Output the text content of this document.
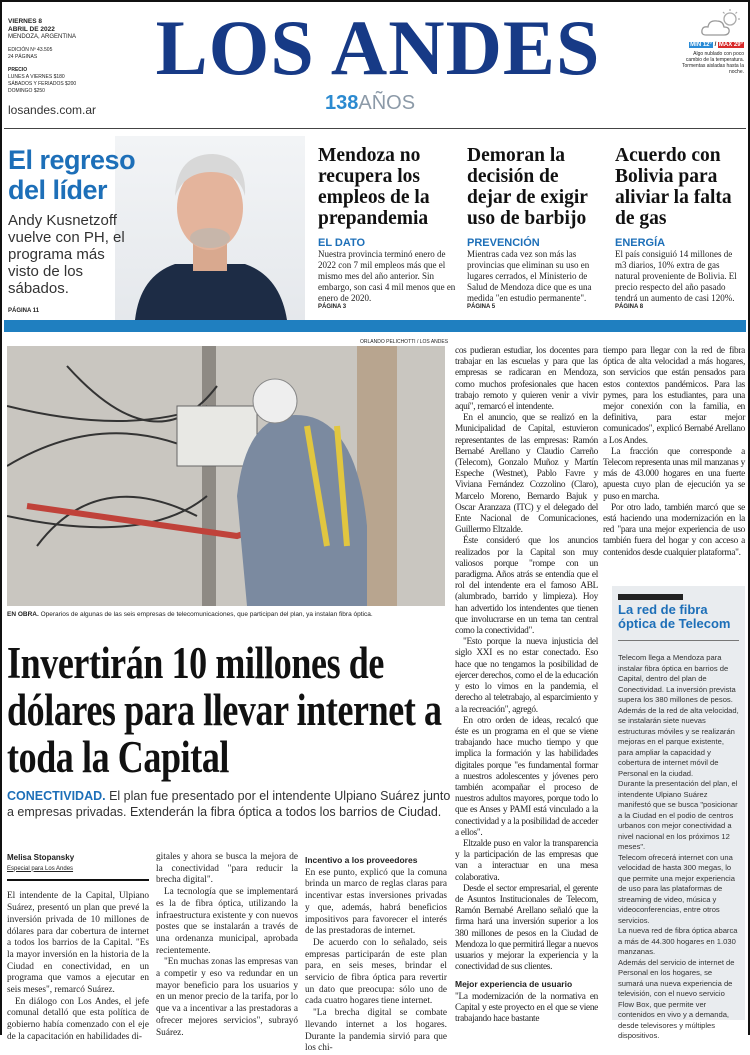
VIERNES 8
ABRIL DE 2022
MENDOZA, ARGENTINA
EDICIÓN Nº 43.505
24 PÁGINAS
PRECIO
LUNES A VIERNES $180
SÁBADOS Y FERIADOS $200
DOMINGO $250
losandes.com.ar
LOS ANDES
138AÑOS
MIN 12° / MAX 29°
Algo nublado con poco cambio de la temperatura. Tormentas aisladas hasta la noche.
El regreso
del líder
Andy Kusnetzoff vuelve con PH, el programa más visto de los sábados.
PÁGINA 11
Mendoza no recupera los empleos de la prepandemia
EL DATO

Nuestra provincia terminó enero de 2022 con 7 mil empleos más que el mismo mes del año anterior. Sin embargo, son casi 4 mil menos que en enero de 2020.

PÁGINA 3
Demoran la decisión de dejar de exigir uso de barbijo
PREVENCIÓN

Mientras cada vez son más las provincias que eliminan su uso en lugares cerrados, el Ministerio de Salud de Mendoza dice que es una medida "en estudio permanente".

PÁGINA 5
Acuerdo con Bolivia para aliviar la falta de gas
ENERGÍA

El país consiguió 14 millones de m3 diarios, 10% extra de gas natural proveniente de Bolivia. El precio respecto del año pasado tendrá un aumento de casi 120%.

PÁGINA 8
ORLANDO PELICHOTTI / LOS ANDES
EN OBRA. Operarios de algunas de las seis empresas de telecomunicaciones, que participan del plan, ya instalan fibra óptica.
Invertirán 10 millones de dólares para llevar internet a toda la Capital
CONECTIVIDAD. El plan fue presentado por el intendente Ulpiano Suárez junto a empresas privadas. Extenderán la fibra óptica a todos los barrios de Ciudad.
Melisa Stopansky
Especial para Los Andes

El intendente de la Capital, Ulpiano Suárez, presentó un plan que prevé la inversión privada de 10 millones de dólares para dar cobertura de internet a todos los barrios de la Capital. "Es la mayor inversión en la historia de la Ciudad en conectividad, en un programa que vamos a ejecutar en seis meses", remarcó Suárez.

En diálogo con Los Andes, el jefe comunal detalló que esta política de gobierno había comenzado con el eje de la capacitación en habilidades di-

gitales y ahora se busca la mejora de la conectividad "para reducir la brecha digital".

La tecnología que se implementará es la de fibra óptica, utilizando la infraestructura existente y con nuevos postes que se instalarán a través de una ordenanza municipal, aprobada recientemente.

"En muchas zonas las empresas van a competir y eso va redundar en un mayor beneficio para los usuarios y en un menor precio de la tarifa, por lo que va a incentivar a las prestadoras a ofrecer mejores servicios", subrayó Suárez.

Incentivo a los proveedores

En ese punto, explicó que la comuna brinda un marco de reglas claras para incentivar estas inversiones privadas y que, además, habrá beneficios impositivos para favorecer el interés de las prestadoras de internet.

De acuerdo con lo señalado, seis empresas participarán de este plan para, en seis meses, brindar el servicio de fibra óptica para revertir un dato que preocupa: sólo uno de cada cuatro hogares tiene internet.

"La brecha digital se combate llevando internet a los hogares. Durante la pandemia sirvió para que los chi-

cos pudieran estudiar, los docentes para trabajar en las escuelas y para que las empresas se radicaran en Mendoza, como muchos profesionales que hacen trabajo remoto y quieren venir a vivir aquí", remarcó el intendente.

En el anuncio, que se realizó en la Municipalidad de Capital, estuvieron representantes de las empresas: Ramón Bernabé Arellano y Claudio Carreño (Telecom), Gonzalo Muñoz y Martín Espeche (Westnet), Pablo Favre y Viviana Fernández Cozzolino (Claro), Marcelo Moreno, Bernardo Bajuk y Oscar Aranzaza (ITC) y el delegado del Ente Nacional de Comunicaciones, Guillermo Eltzalde.

Éste consideró que los anuncios realizados por la Capital son muy valiosos porque "rompe con un paradigma. Años atrás se entendía que el rol del intendente era el famoso ABL (alumbrado, barrido y limpieza). Hoy han advertido los intendentes que tienen que involucrarse en un tema tan central como la conectividad".

"Esto porque la nueva injusticia del siglo XXI es no estar conectado. Eso hace que no tengamos la posibilidad de ejercer derechos, como el de la educación y esto lo vimos en la pandemia, el derecho al teletrabajo, al esparcimiento y a la recreación", agregó.

En otro orden de ideas, recalcó que éste es un programa en el que se viene trabajando hace mucho tiempo y que implica la formación y las habilidades digitales porque "es fundamental formar a nuestros adolescentes y jóvenes pero también acompañar el proceso de nuestros adultos mayores, porque todo lo que es Anses y PAMI está vinculado a la conectividad y a la posibilidad de acceder a ellos".

Eltzalde puso en valor la transparencia y la participación de las empresas que van a interactuar en una mesa colaborativa.

Desde el sector empresarial, el gerente de Asuntos Institucionales de Telecom, Ramón Bernabé Arellano señaló que la firma hará una inversión superior a los 380 millones de pesos en la Ciudad de Mendoza lo que permitirá llegar a nuevos usuarios y mejorar la experiencia y la conectividad de sus clientes.

Mejor experiencia de usuario

"La modernización de la normativa en Capital y este proyecto en el que se viene trabajando hace bastante

tiempo para llegar con la red de fibra óptica de alta velocidad a más hogares, son servicios que están pensados para estos contextos pandémicos. Para las pymes, para los estudiantes, para una mejor conexión con la familia, en definitiva, para estar mejor comunicados", explicó Bernabé Arellano a Los Andes.

La fracción que corresponde a Telecom representa unas mil manzanas y más de 43.000 hogares en una fuerte apuesta cuyo plan de ejecución ya se puso en marcha.

Por otro lado, también marcó que se está haciendo una modernización en la red "para una mejor experiencia de uso también fuera del hogar y con acceso a contenidos desde cualquier plataforma".

La red de fibra óptica de Telecom

Telecom llega a Mendoza para instalar fibra óptica en barrios de Capital, dentro del plan de Conectividad. La inversión prevista supera los 380 millones de pesos.

Además de la red de alta velocidad, se instalarán siete nuevas estructuras móviles y se realizarán mejoras en el parque existente, para ampliar la capacidad y cobertura de internet móvil de Personal en la ciudad.

Durante la presentación del plan, el intendente Ulpiano Suárez manifestó que se busca "posicionar a la Ciudad en el podio de centros urbanos con mejor conectividad a nivel nacional en los próximos 12 meses".

Telecom ofrecerá internet con una velocidad de hasta 300 megas, lo que permite una mejor experiencia de uso para las plataformas de streaming de video, música y videoconferencias, entre otros servicios.

La nueva red de fibra óptica abarca a más de 44.300 hogares en 1.030 manzanas.

Además del servicio de internet de Personal en los hogares, se sumará una nueva experiencia de televisión, con el nuevo servicio Flow Box, que permite ver contenidos en vivo y a demanda, desde televisores y múltiples dispositivos.
